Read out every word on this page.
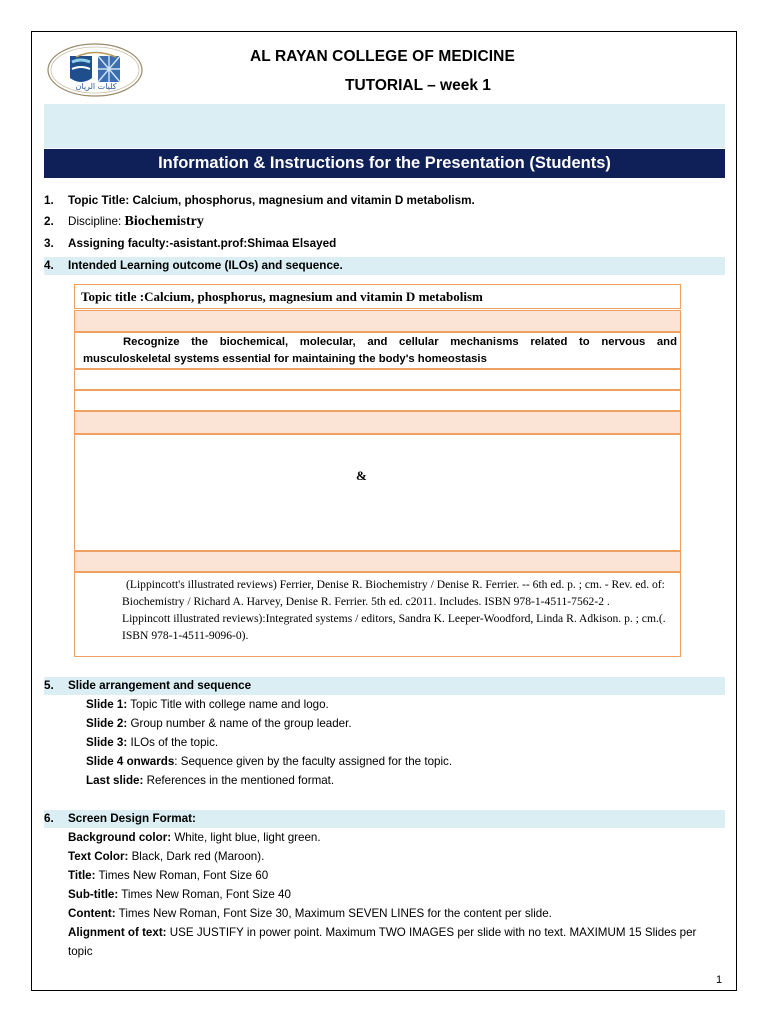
كليات الريان
AL RAYAN COLLEGE OF MEDICINE
TUTORIAL – week 1
Information & Instructions for the Presentation (Students)
1. Topic Title: Calcium, phosphorus, magnesium and vitamin D metabolism.
2. Discipline: Biochemistry
3. Assigning faculty:-asistant.prof:Shimaa Elsayed
4. Intended Learning outcome (ILOs) and sequence.
Topic title :Calcium, phosphorus, magnesium and vitamin D metabolism
Recognize the biochemical, molecular, and cellular mechanisms related to nervous and musculoskeletal systems essential for maintaining the body's homeostasis
&

(Lippincott's illustrated reviews) Ferrier, Denise R. Biochemistry / Denise R. Ferrier. -- 6th ed. p. ; cm. - Rev. ed. of: Biochemistry / Richard A. Harvey, Denise R. Ferrier. 5th ed. c2011. Includes. ISBN 978-1-4511-7562-2 .

Lippincott illustrated reviews):Integrated systems / editors, Sandra K. Leeper-Woodford, Linda R. Adkison. p. ; cm.(. ISBN 978-1-4511-9096-0).

5. Slide arrangement and sequence
Slide 1: Topic Title with college name and logo.
Slide 2: Group number & name of the group leader.
Slide 3: ILOs of the topic.
Slide 4 onwards: Sequence given by the faculty assigned for the topic.
Last slide: References in the mentioned format.
6. Screen Design Format:
Background color: White, light blue, light green.
Text Color: Black, Dark red (Maroon).
Title: Times New Roman, Font Size 60
Sub-title: Times New Roman, Font Size 40
Content: Times New Roman, Font Size 30, Maximum SEVEN LINES for the content per slide.
Alignment of text: USE JUSTIFY in power point. Maximum TWO IMAGES per slide with no text. MAXIMUM 15 Slides per topic
1
